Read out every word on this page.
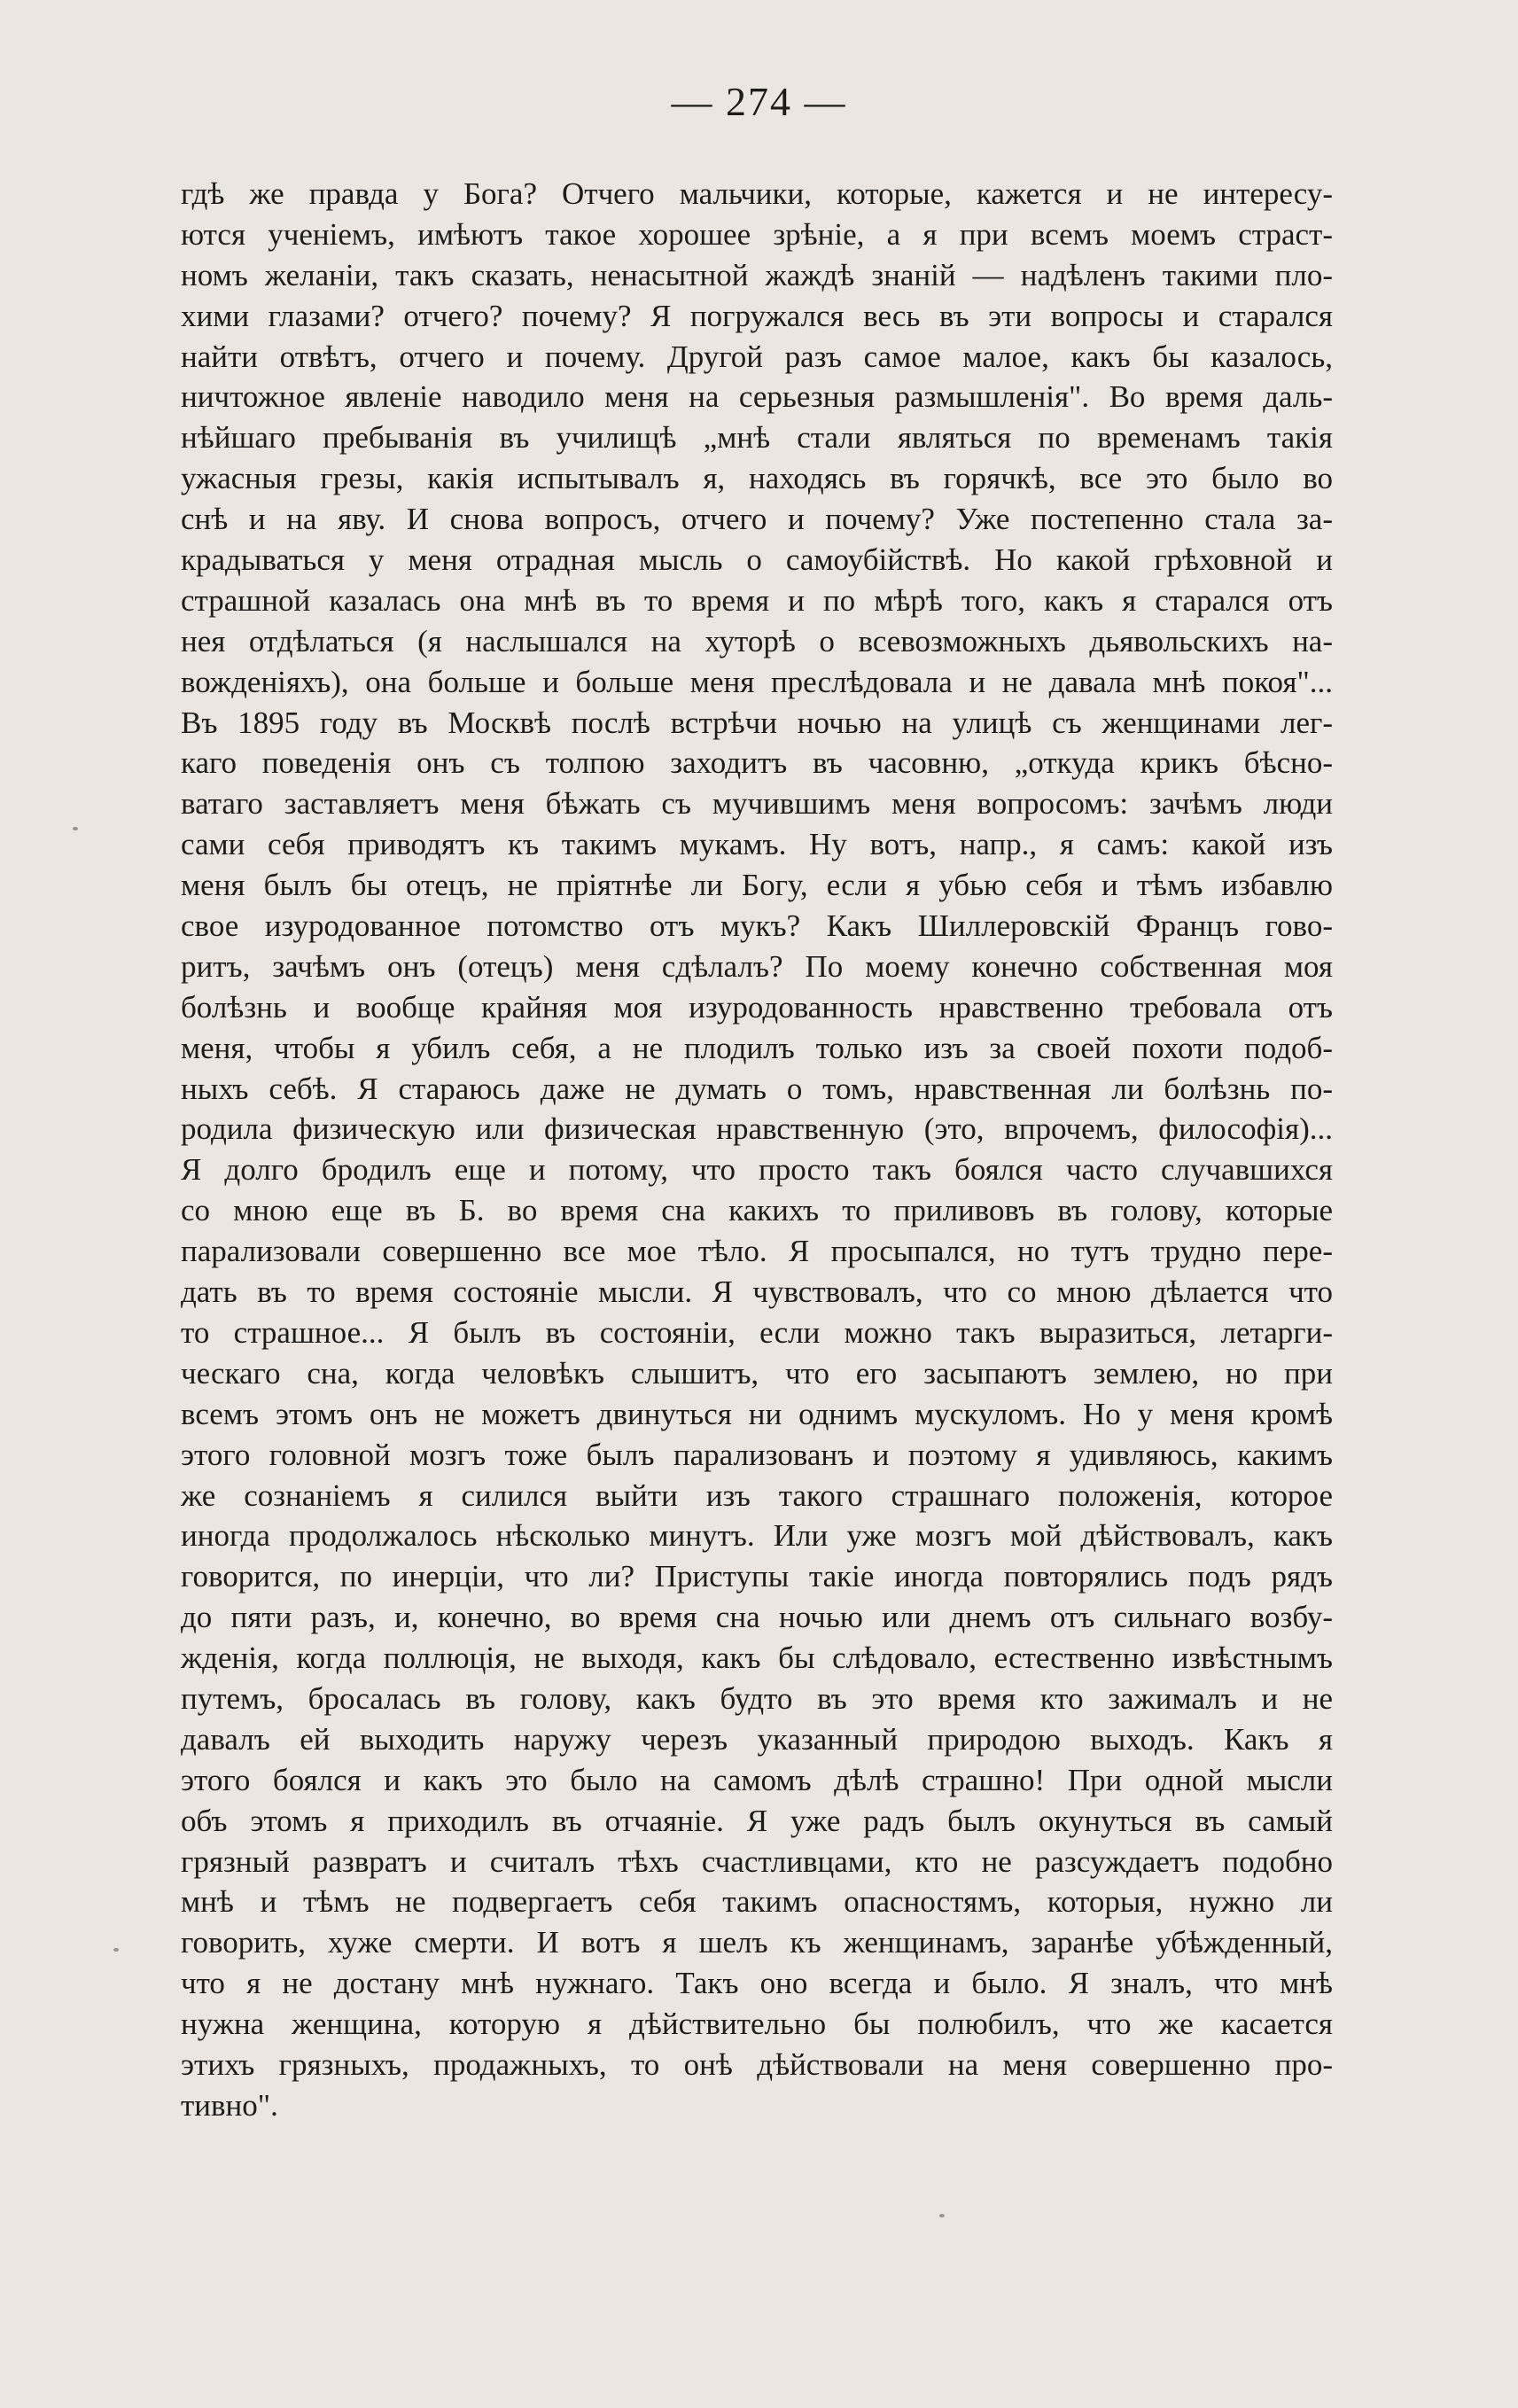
— 274 —
гдѣ же правда у Бога? Отчего мальчики, которые, кажется и не интересу-
ются ученіемъ, имѣютъ такое хорошее зрѣніе, а я при всемъ моемъ страст-
номъ желаніи, такъ сказать, ненасытной жаждѣ знаній — надѣленъ такими пло-
хими глазами? отчего? почему? Я погружался весь въ эти вопросы и старался
найти отвѣтъ, отчего и почему. Другой разъ самое малое, какъ бы казалось,
ничтожное явленіе наводило меня на серьезныя размышленія". Во время даль-
нѣйшаго пребыванія въ училищѣ „мнѣ стали являться по временамъ такія
ужасныя грезы, какія испытывалъ я, находясь въ горячкѣ, все это было во
снѣ и на яву. И снова вопросъ, отчего и почему? Уже постепенно стала за-
крадываться у меня отрадная мысль о самоубійствѣ. Но какой грѣховной и
страшной казалась она мнѣ въ то время и по мѣрѣ того, какъ я старался отъ
нея отдѣлаться (я наслышался на хуторѣ о всевозможныхъ дьявольскихъ на-
вожденіяхъ), она больше и больше меня преслѣдовала и не давала мнѣ покоя"...
Въ 1895 году въ Москвѣ послѣ встрѣчи ночью на улицѣ съ женщинами лег-
каго поведенія онъ съ толпою заходитъ въ часовню, „откуда крикъ бѣсно-
ватаго заставляетъ меня бѣжать съ мучившимъ меня вопросомъ: зачѣмъ люди
сами себя приводятъ къ такимъ мукамъ. Ну вотъ, напр., я самъ: какой изъ
меня былъ бы отецъ, не пріятнѣе ли Богу, если я убью себя и тѣмъ избавлю
свое изуродованное потомство отъ мукъ? Какъ Шиллеровскій Францъ гово-
ритъ, зачѣмъ онъ (отецъ) меня сдѣлалъ? По моему конечно собственная моя
болѣзнь и вообще крайняя моя изуродованность нравственно требовала отъ
меня, чтобы я убилъ себя, а не плодилъ только изъ за своей похоти подоб-
ныхъ себѣ. Я стараюсь даже не думать о томъ, нравственная ли болѣзнь по-
родила физическую или физическая нравственную (это, впрочемъ, философія)...
Я долго бродилъ еще и потому, что просто такъ боялся часто случавшихся
со мною еще въ Б. во время сна какихъ то приливовъ въ голову, которые
парализовали совершенно все мое тѣло. Я просыпался, но тутъ трудно пере-
дать въ то время состояніе мысли. Я чувствовалъ, что со мною дѣлается что
то страшное... Я былъ въ состояніи, если можно такъ выразиться, летарги-
ческаго сна, когда человѣкъ слышитъ, что его засыпаютъ землею, но при
всемъ этомъ онъ не можетъ двинуться ни однимъ мускуломъ. Но у меня кромѣ
этого головной мозгъ тоже былъ парализованъ и поэтому я удивляюсь, какимъ
же сознаніемъ я силился выйти изъ такого страшнаго положенія, которое
иногда продолжалось нѣсколько минутъ. Или уже мозгъ мой дѣйствовалъ, какъ
говорится, по инерціи, что ли? Приступы такіе иногда повторялись подъ рядъ
до пяти разъ, и, конечно, во время сна ночью или днемъ отъ сильнаго возбу-
жденія, когда поллюція, не выходя, какъ бы слѣдовало, естественно извѣстнымъ
путемъ, бросалась въ голову, какъ будто въ это время кто зажималъ и не
давалъ ей выходить наружу черезъ указанный природою выходъ. Какъ я
этого боялся и какъ это было на самомъ дѣлѣ страшно! При одной мысли
объ этомъ я приходилъ въ отчаяніе. Я уже радъ былъ окунуться въ самый
грязный развратъ и считалъ тѣхъ счастливцами, кто не разсуждаетъ подобно
мнѣ и тѣмъ не подвергаетъ себя такимъ опасностямъ, которыя, нужно ли
говорить, хуже смерти. И вотъ я шелъ къ женщинамъ, заранѣе убѣжденный,
что я не достану мнѣ нужнаго. Такъ оно всегда и было. Я зналъ, что мнѣ
нужна женщина, которую я дѣйствительно бы полюбилъ, что же касается
этихъ грязныхъ, продажныхъ, то онѣ дѣйствовали на меня совершенно про-
тивно".
